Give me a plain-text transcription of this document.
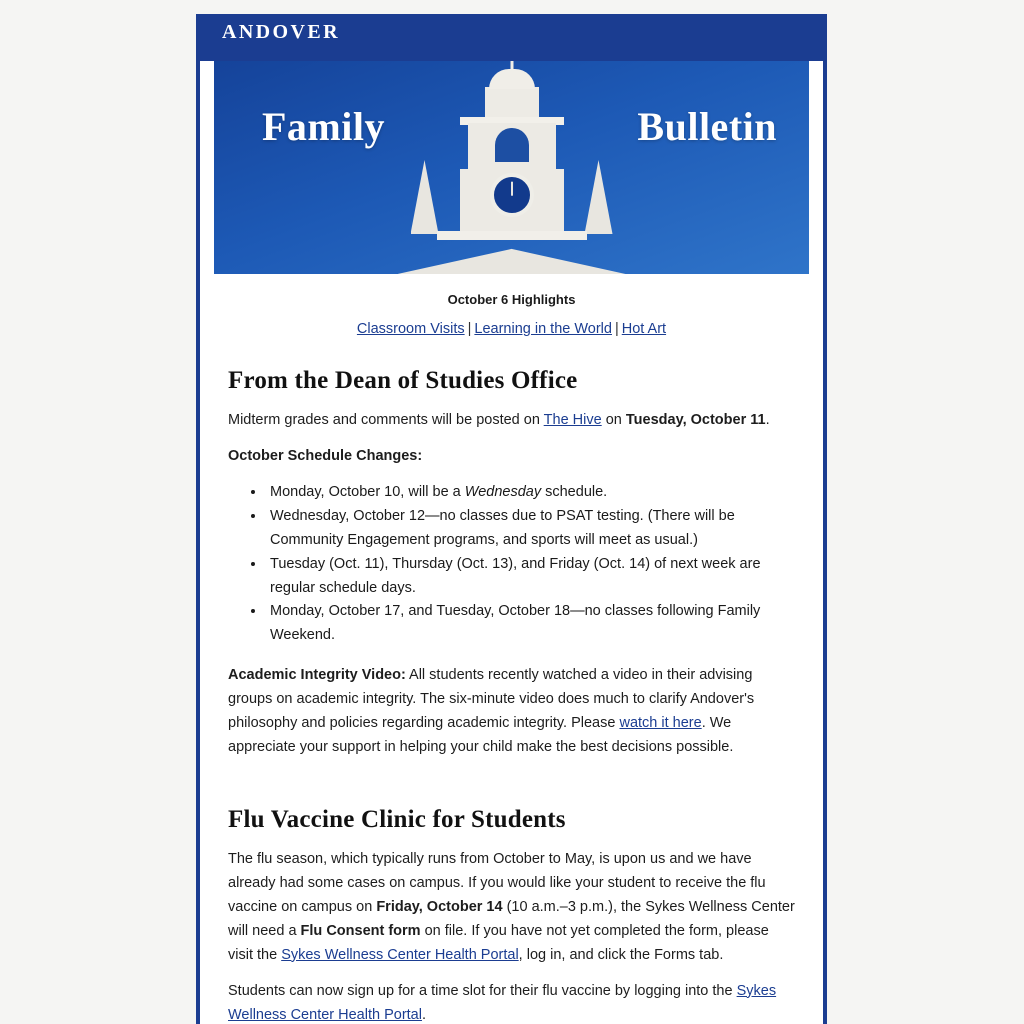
ANDOVER
Family	Bulletin
October 6 Highlights
Classroom Visits | Learning in the World | Hot Art
From the Dean of Studies Office

Midterm grades and comments will be posted on The Hive on Tuesday, October 11.

October Schedule Changes:

• Monday, October 10, will be a Wednesday schedule.
• Wednesday, October 12—no classes due to PSAT testing. (There will be Community Engagement programs, and sports will meet as usual.)
• Tuesday (Oct. 11), Thursday (Oct. 13), and Friday (Oct. 14) of next week are regular schedule days.
• Monday, October 17, and Tuesday, October 18—no classes following Family Weekend.

Academic Integrity Video: All students recently watched a video in their advising groups on academic integrity. The six-minute video does much to clarify Andover's philosophy and policies regarding academic integrity. Please watch it here. We appreciate your support in helping your child make the best decisions possible.

Flu Vaccine Clinic for Students

The flu season, which typically runs from October to May, is upon us and we have already had some cases on campus. If you would like your student to receive the flu vaccine on campus on Friday, October 14 (10 a.m.–3 p.m.), the Sykes Wellness Center will need a Flu Consent form on file. If you have not yet completed the form, please visit the Sykes Wellness Center Health Portal, log in, and click the Forms tab.

Students can now sign up for a time slot for their flu vaccine by logging into the Sykes Wellness Center Health Portal.
